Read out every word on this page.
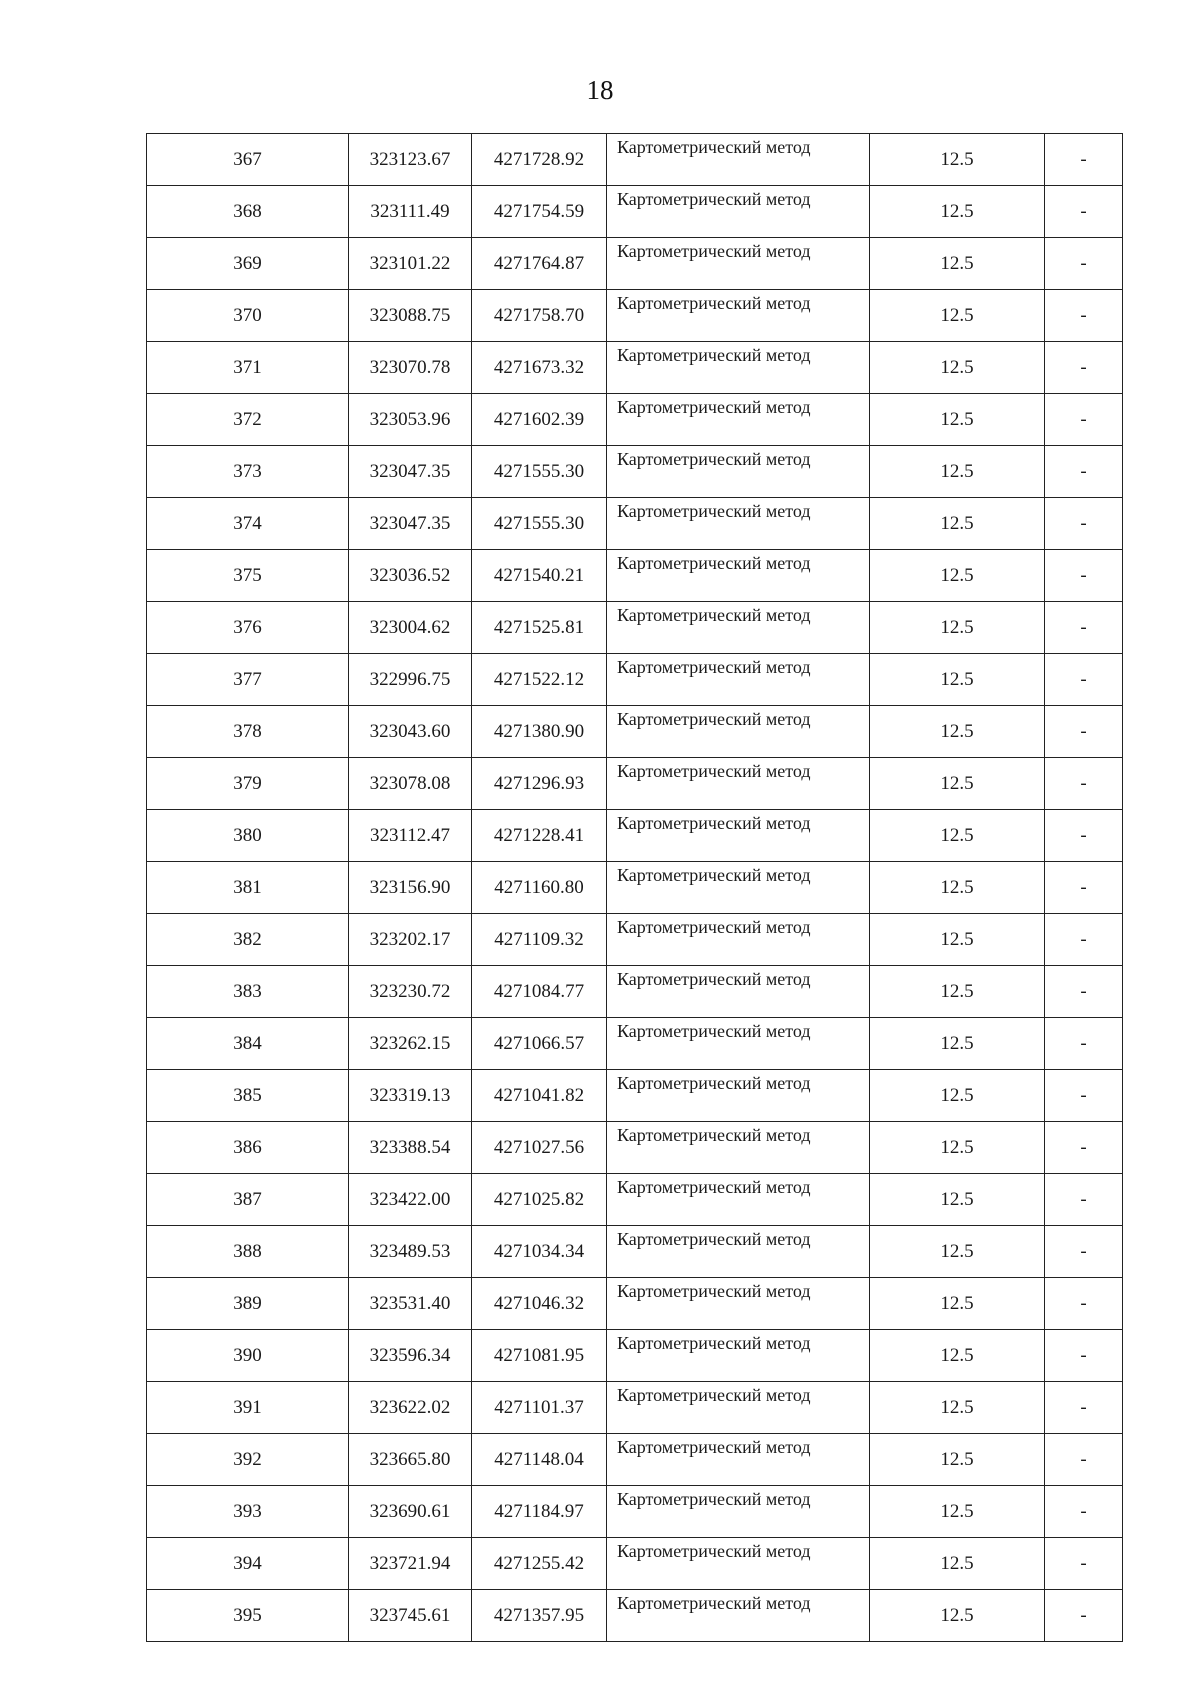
18
367	323123.67	4271728.92	Картометрический метод	12.5	-
368	323111.49	4271754.59	Картометрический метод	12.5	-
369	323101.22	4271764.87	Картометрический метод	12.5	-
370	323088.75	4271758.70	Картометрический метод	12.5	-
371	323070.78	4271673.32	Картометрический метод	12.5	-
372	323053.96	4271602.39	Картометрический метод	12.5	-
373	323047.35	4271555.30	Картометрический метод	12.5	-
374	323047.35	4271555.30	Картометрический метод	12.5	-
375	323036.52	4271540.21	Картометрический метод	12.5	-
376	323004.62	4271525.81	Картометрический метод	12.5	-
377	322996.75	4271522.12	Картометрический метод	12.5	-
378	323043.60	4271380.90	Картометрический метод	12.5	-
379	323078.08	4271296.93	Картометрический метод	12.5	-
380	323112.47	4271228.41	Картометрический метод	12.5	-
381	323156.90	4271160.80	Картометрический метод	12.5	-
382	323202.17	4271109.32	Картометрический метод	12.5	-
383	323230.72	4271084.77	Картометрический метод	12.5	-
384	323262.15	4271066.57	Картометрический метод	12.5	-
385	323319.13	4271041.82	Картометрический метод	12.5	-
386	323388.54	4271027.56	Картометрический метод	12.5	-
387	323422.00	4271025.82	Картометрический метод	12.5	-
388	323489.53	4271034.34	Картометрический метод	12.5	-
389	323531.40	4271046.32	Картометрический метод	12.5	-
390	323596.34	4271081.95	Картометрический метод	12.5	-
391	323622.02	4271101.37	Картометрический метод	12.5	-
392	323665.80	4271148.04	Картометрический метод	12.5	-
393	323690.61	4271184.97	Картометрический метод	12.5	-
394	323721.94	4271255.42	Картометрический метод	12.5	-
395	323745.61	4271357.95	Картометрический метод	12.5	-
